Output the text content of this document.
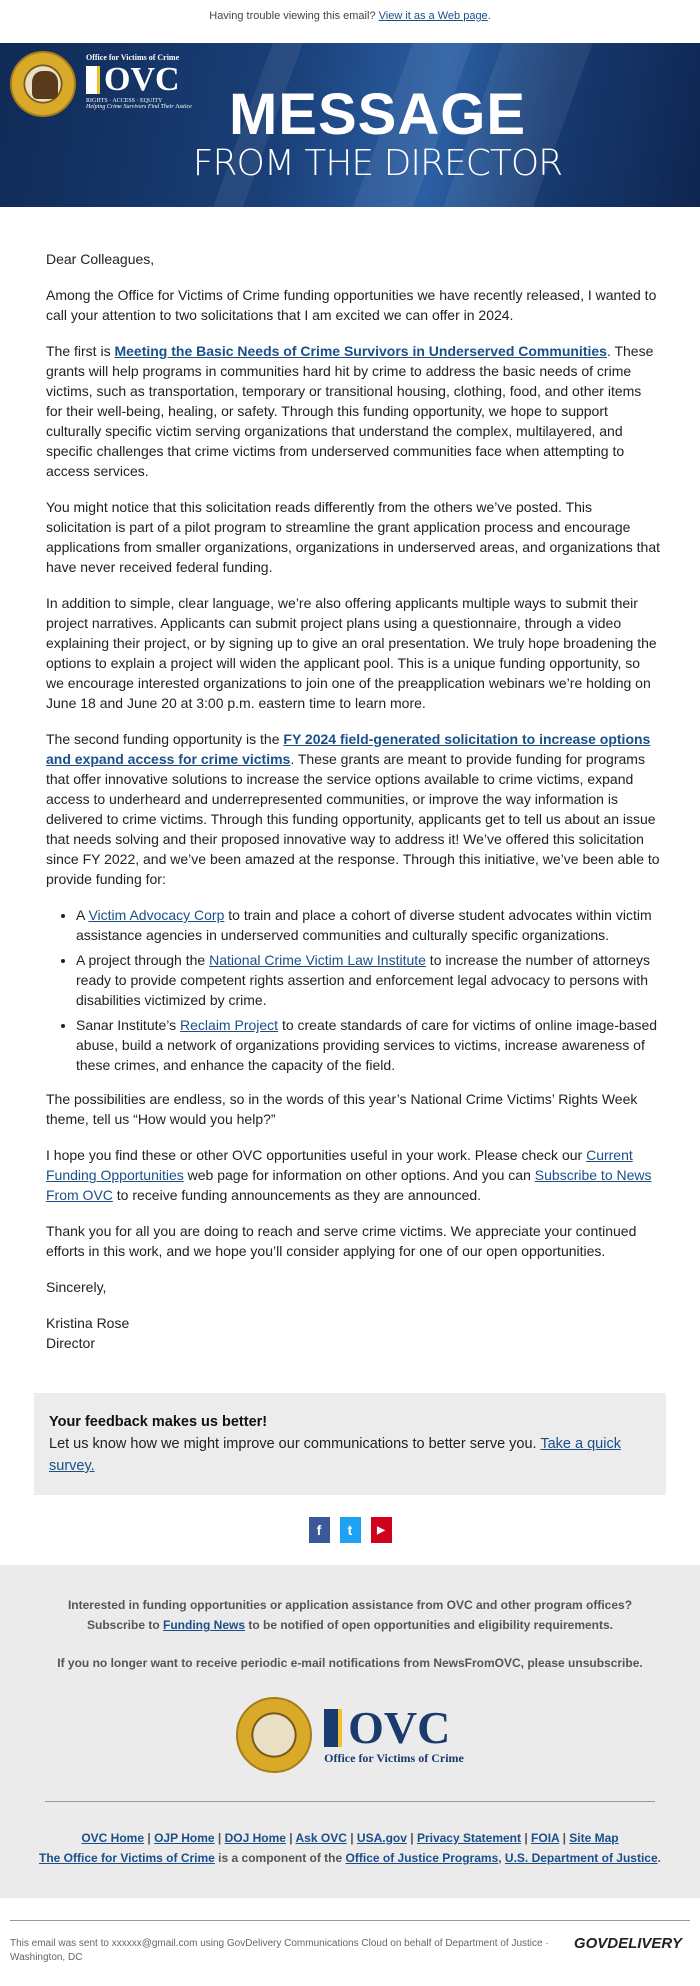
Having trouble viewing this email? View it as a Web page.
Office for Victims of Crime
OVC
RIGHTS · ACCESS · EQUITY
Helping Crime Survivors Find Their Justice MESSAGE
FROM THE DIRECTOR

Dear Colleagues,

Among the Office for Victims of Crime funding opportunities we have recently released, I wanted to call your attention to two solicitations that I am excited we can offer in 2024.

The first is Meeting the Basic Needs of Crime Survivors in Underserved Communities. These grants will help programs in communities hard hit by crime to address the basic needs of crime victims, such as transportation, temporary or transitional housing, clothing, food, and other items for their well-being, healing, or safety. Through this funding opportunity, we hope to support culturally specific victim serving organizations that understand the complex, multilayered, and specific challenges that crime victims from underserved communities face when attempting to access services.

You might notice that this solicitation reads differently from the others we’ve posted. This solicitation is part of a pilot program to streamline the grant application process and encourage applications from smaller organizations, organizations in underserved areas, and organizations that have never received federal funding.

In addition to simple, clear language, we’re also offering applicants multiple ways to submit their project narratives. Applicants can submit project plans using a questionnaire, through a video explaining their project, or by signing up to give an oral presentation. We truly hope broadening the options to explain a project will widen the applicant pool. This is a unique funding opportunity, so we encourage interested organizations to join one of the preapplication webinars we’re holding on June 18 and June 20 at 3:00 p.m. eastern time to learn more.

The second funding opportunity is the FY 2024 field-generated solicitation to increase options and expand access for crime victims. These grants are meant to provide funding for programs that offer innovative solutions to increase the service options available to crime victims, expand access to underheard and underrepresented communities, or improve the way information is delivered to crime victims. Through this funding opportunity, applicants get to tell us about an issue that needs solving and their proposed innovative way to address it! We’ve offered this solicitation since FY 2022, and we’ve been amazed at the response. Through this initiative, we’ve been able to provide funding for:

• A Victim Advocacy Corp to train and place a cohort of diverse student advocates within victim assistance agencies in underserved communities and culturally specific organizations.
• A project through the National Crime Victim Law Institute to increase the number of attorneys ready to provide competent rights assertion and enforcement legal advocacy to persons with disabilities victimized by crime.
• Sanar Institute’s Reclaim Project to create standards of care for victims of online image-based abuse, build a network of organizations providing services to victims, increase awareness of these crimes, and enhance the capacity of the field.

The possibilities are endless, so in the words of this year’s National Crime Victims’ Rights Week theme, tell us “How would you help?”

I hope you find these or other OVC opportunities useful in your work. Please check our Current Funding Opportunities web page for information on other options. And you can Subscribe to News From OVC to receive funding announcements as they are announced.

Thank you for all you are doing to reach and serve crime victims. We appreciate your continued efforts in this work, and we hope you’ll consider applying for one of our open opportunities.

Sincerely,

Kristina Rose
Director
Your feedback makes us better!
Let us know how we might improve our communications to better serve you. Take a quick survey.
f	t	▶

Interested in funding opportunities or application assistance from OVC and other program offices?

Subscribe to Funding News to be notified of open opportunities and eligibility requirements.

If you no longer want to receive periodic e-mail notifications from NewsFromOVC, please unsubscribe.

OVC
Office for Victims of Crime
OVC Home | OJP Home | DOJ Home | Ask OVC | USA.gov | Privacy Statement | FOIA | Site Map
The Office for Victims of Crime is a component of the Office of Justice Programs, U.S. Department of Justice.
This email was sent to xxxxxx@gmail.com using GovDelivery Communications Cloud on behalf of Department of Justice · Washington, DC
GOVDELIVERY
